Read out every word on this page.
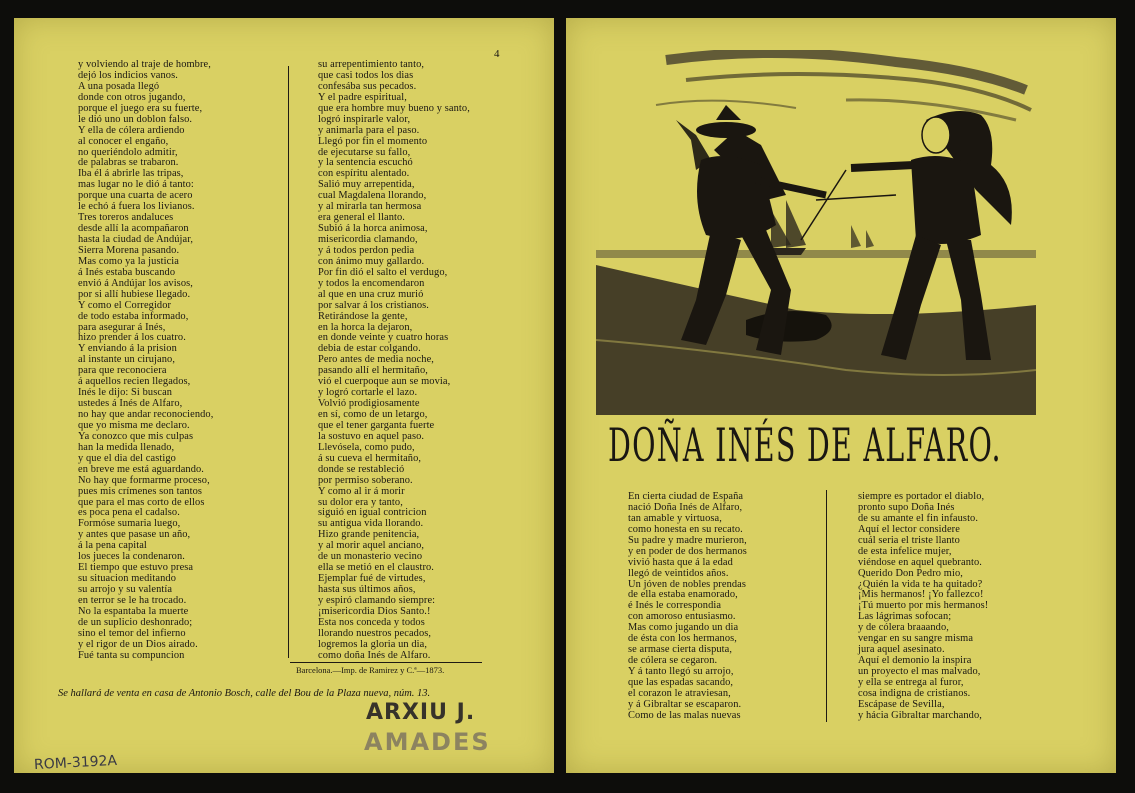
4
y volviendo al traje de hombre,
dejó los indicios vanos.
A una posada llegó
donde con otros jugando,
porque el juego era su fuerte,
le dió uno un doblon falso.
Y ella de cólera ardiendo
al conocer el engaño,
no queriéndolo admitir,
de palabras se trabaron.
Iba él á abrirle las tripas,
mas lugar no le dió á tanto:
porque una cuarta de acero
le echó á fuera los livianos.
Tres toreros andaluces
desde allí la acompañaron
hasta la ciudad de Andújar,
Sierra Morena pasando.
Mas como ya la justicia
á Inés estaba buscando
envió á Andújar los avisos,
por si allí hubiese llegado.
Y como el Corregidor
de todo estaba informado,
para asegurar á Inés,
hizo prender á los cuatro.
Y enviando á la prision
al instante un cirujano,
para que reconociera
á aquellos recien llegados,
Inés le dijo: Si buscan
ustedes á Inés de Alfaro,
no hay que andar reconociendo,
que yo misma me declaro.
Ya conozco que mis culpas
han la medida llenado,
y que el dia del castigo
en breve me está aguardando.
No hay que formarme proceso,
pues mis crímenes son tantos
que para el mas corto de ellos
es poca pena el cadalso.
Formóse sumaria luego,
y antes que pasase un año,
á la pena capital
los jueces la condenaron.
El tiempo que estuvo presa
su situacion meditando
su arrojo y su valentía
en terror se le ha trocado.
No la espantaba la muerte
de un suplicio deshonrado;
sino el temor del infierno
y el rigor de un Dios airado.
Fué tanta su compuncion
su arrepentimiento tanto,
que casi todos los dias
confesába sus pecados.
Y el padre espiritual,
que era hombre muy bueno y santo,
logró inspirarle valor,
y animarla para el paso.
Llegó por fin el momento
de ejecutarse su fallo,
y la sentencia escuchó
con espíritu alentado.
Salió muy arrepentida,
cual Magdalena llorando,
y al mirarla tan hermosa
era general el llanto.
Subió á la horca animosa,
misericordia clamando,
y á todos perdon pedia
con ánimo muy gallardo.
Por fin dió el salto el verdugo,
y todos la encomendaron
al que en una cruz murió
por salvar á los cristianos.
Retirándose la gente,
en la horca la dejaron,
en donde veinte y cuatro horas
debia de estar colgando.
Pero antes de media noche,
pasando allí el hermitaño,
vió el cuerpoque aun se movia,
y logró cortarle el lazo.
Volvió prodigiosamente
en sí, como de un letargo,
que el tener garganta fuerte
la sostuvo en aquel paso.
Llevósela, como pudo,
á su cueva el hermitaño,
donde se restableció
por permiso soberano.
Y como al ir á morir
su dolor era y tanto,
siguió en igual contricion
su antigua vida llorando.
Hizo grande penitencia,
y al morir aquel anciano,
de un monasterio vecino
ella se metió en el claustro.
Ejemplar fué de virtudes,
hasta sus últimos años,
y espiró clamando siempre:
¡misericordia Dios Santo.!
Esta nos conceda y todos
llorando nuestros pecados,
logremos la gloria un dia,
como doña Inés de Alfaro.
Barcelona.—Imp. de Ramirez y C.ª—1873.
Se hallará de venta en casa de Antonio Bosch, calle del Bou de la Plaza nueva, núm. 13.
ARXIU J.
AMADES
ROM-3192A
DOÑA INÉS DE ALFARO.
En cierta ciudad de España
nació Doña Inés de Alfaro,
tan amable y virtuosa,
como honesta en su recato.
Su padre y madre murieron,
y en poder de dos hermanos
vivió hasta que á la edad
llegó de veintidos años.
Un jóven de nobles prendas
de ella estaba enamorado,
é Inés le correspondia
con amoroso entusiasmo.
Mas como jugando un dia
de ésta con los hermanos,
se armase cierta disputa,
de cólera se cegaron.
Y á tanto llegó su arrojo,
que las espadas sacando,
el corazon le atraviesan,
y á Gibraltar se escaparon.
Como de las malas nuevas
siempre es portador el diablo,
pronto supo Doña Inés
de su amante el fin infausto.
Aquí el lector considere
cuál seria el triste llanto
de esta infelice mujer,
viéndose en aquel quebranto.
Querido Don Pedro mio,
¿Quién la vida te ha quitado?
¡Mis hermanos! ¡Yo fallezco!
¡Tú muerto por mis hermanos!
Las lágrimas sofocan;
y de cólera braaando,
vengar en su sangre misma
jura aquel asesinato.
Aquí el demonio la inspira
un proyecto el mas malvado,
y ella se entrega al furor,
cosa indigna de cristianos.
Escápase de Sevilla,
y hácia Gibraltar marchando,
